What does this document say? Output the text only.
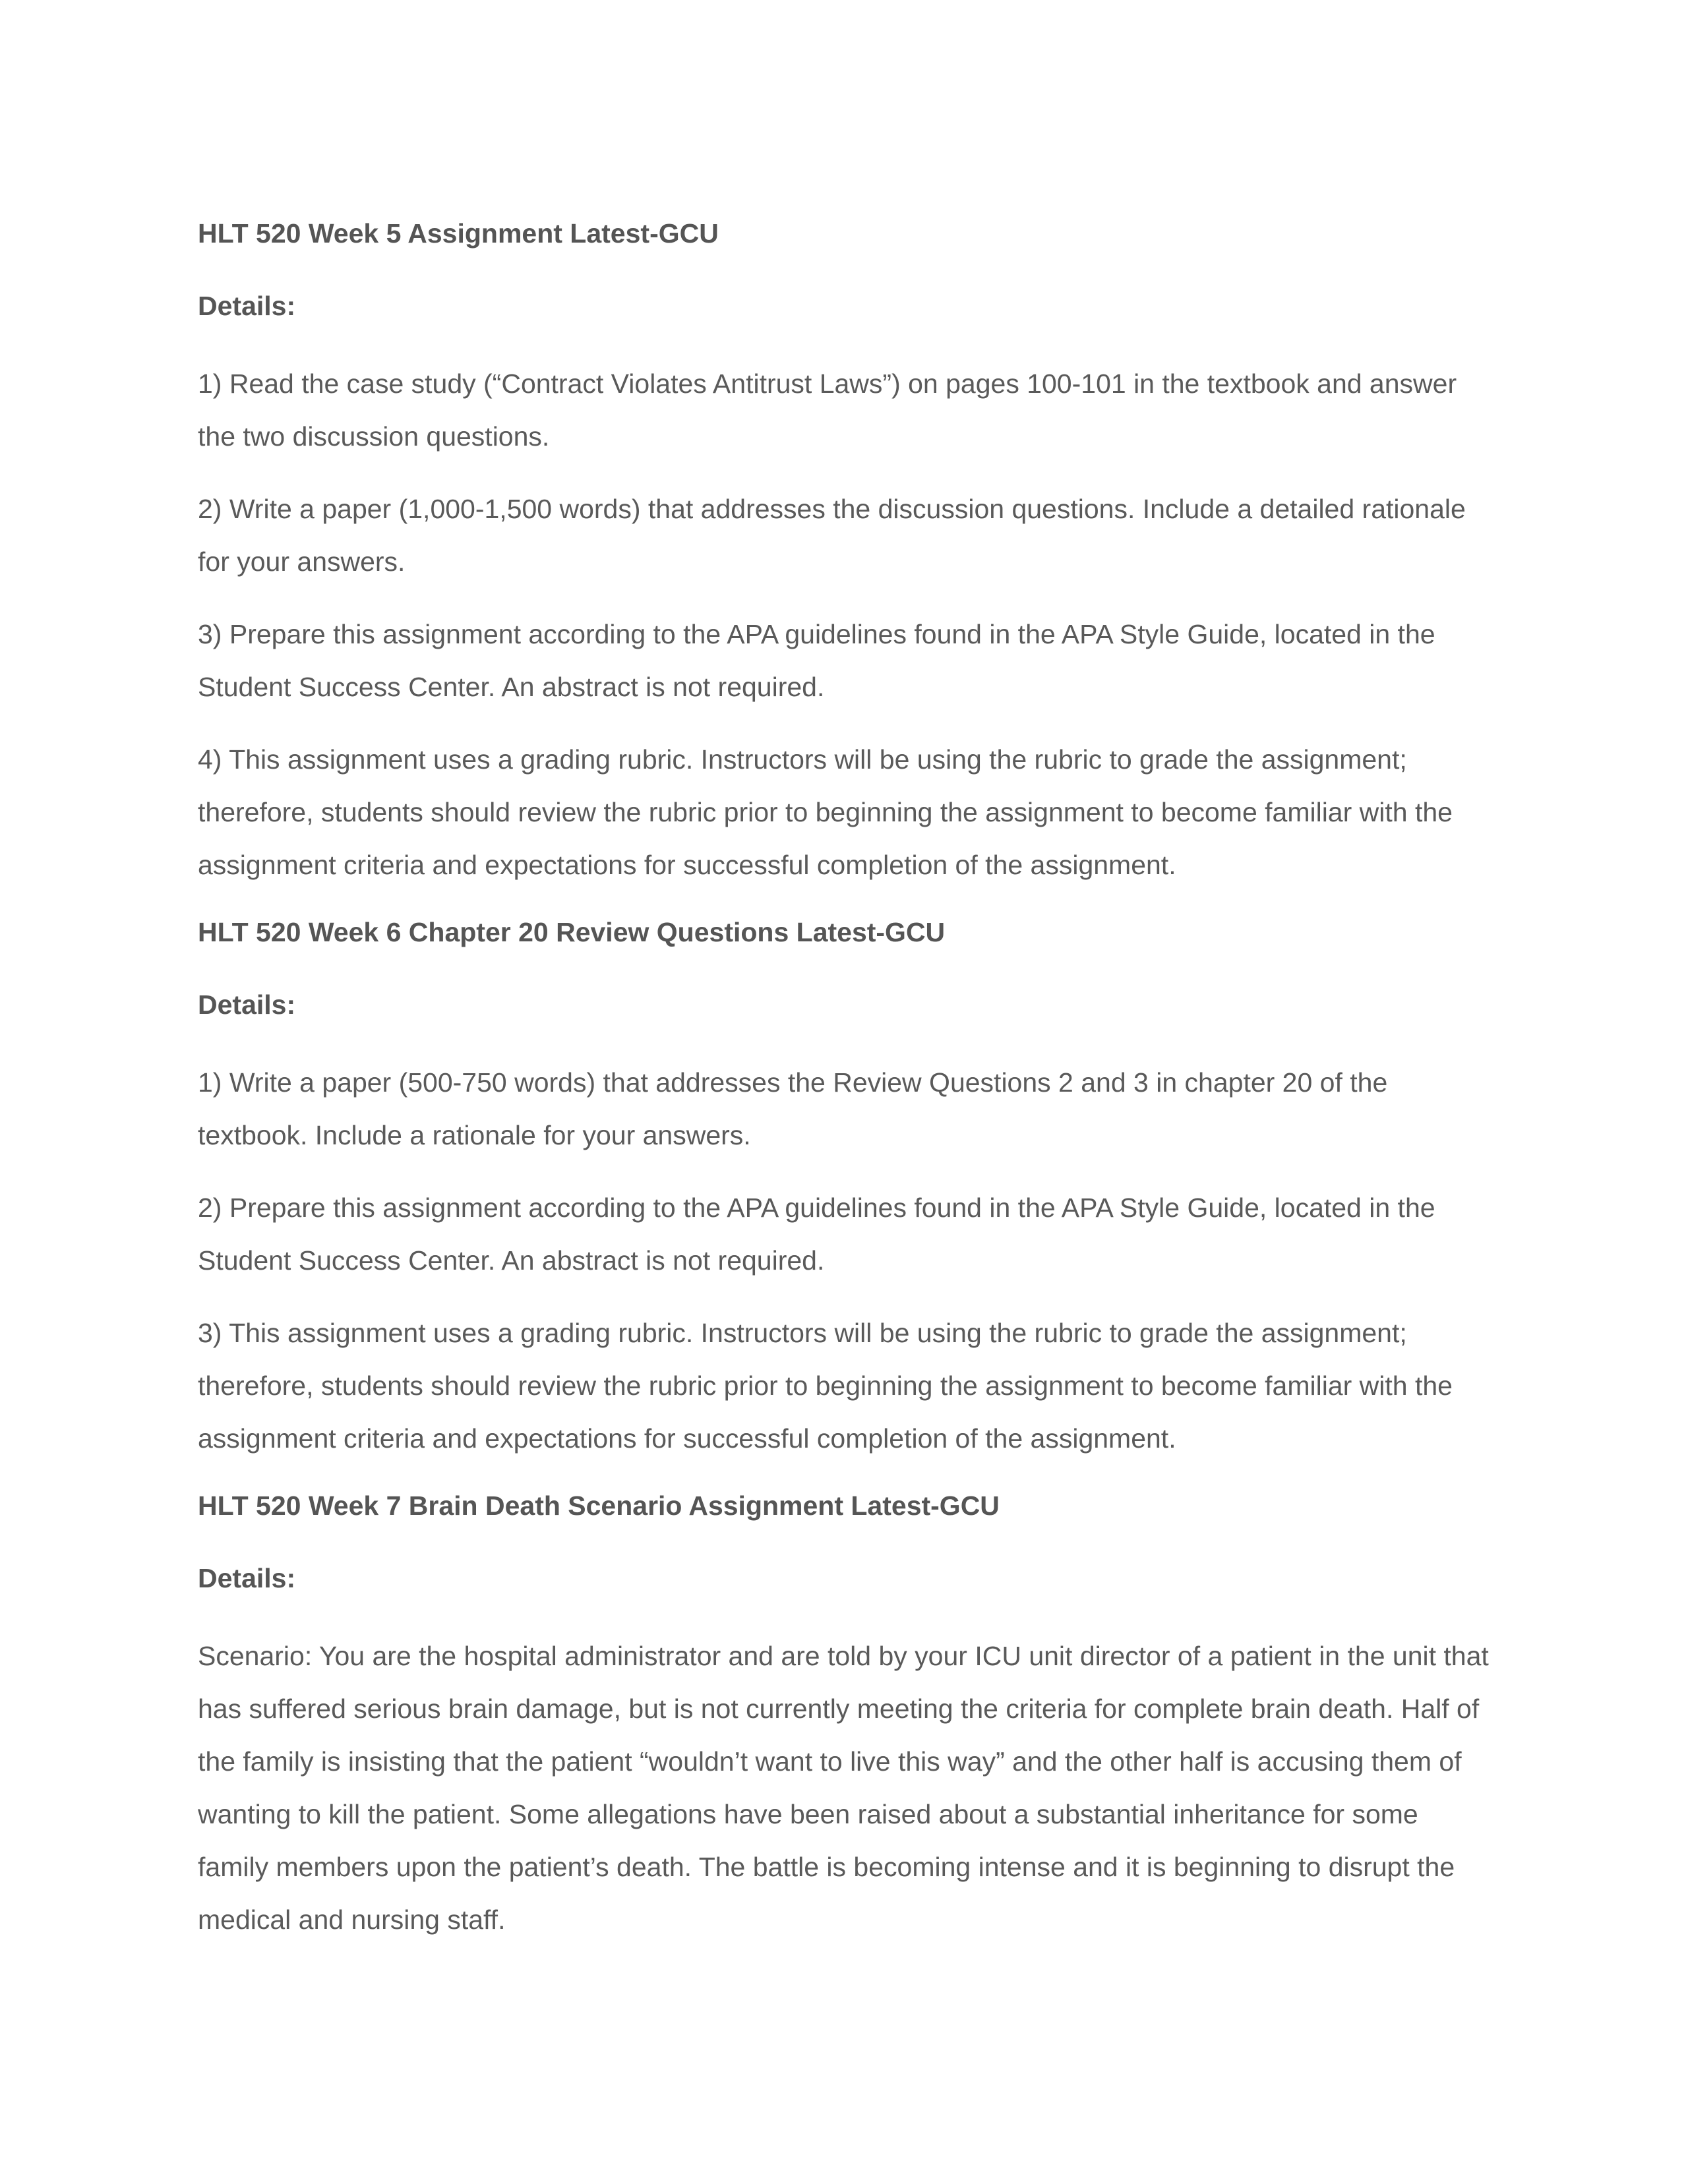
HLT 520 Week 5 Assignment Latest-GCU
Details:

1) Read the case study (“Contract Violates Antitrust Laws”) on pages 100-101 in the textbook and answer the two discussion questions.

2) Write a paper (1,000-1,500 words) that addresses the discussion questions. Include a detailed rationale for your answers.

3) Prepare this assignment according to the APA guidelines found in the APA Style Guide, located in the Student Success Center. An abstract is not required.

4) This assignment uses a grading rubric. Instructors will be using the rubric to grade the assignment; therefore, students should review the rubric prior to beginning the assignment to become familiar with the assignment criteria and expectations for successful completion of the assignment.

HLT 520 Week 6 Chapter 20 Review Questions Latest-GCU
Details:

1) Write a paper (500-750 words) that addresses the Review Questions 2 and 3 in chapter 20 of the textbook. Include a rationale for your answers.

2) Prepare this assignment according to the APA guidelines found in the APA Style Guide, located in the Student Success Center. An abstract is not required.

3) This assignment uses a grading rubric. Instructors will be using the rubric to grade the assignment; therefore, students should review the rubric prior to beginning the assignment to become familiar with the assignment criteria and expectations for successful completion of the assignment.

HLT 520 Week 7 Brain Death Scenario Assignment Latest-GCU
Details:

Scenario: You are the hospital administrator and are told by your ICU unit director of a patient in the unit that has suffered serious brain damage, but is not currently meeting the criteria for complete brain death. Half of the family is insisting that the patient “wouldn’t want to live this way” and the other half is accusing them of wanting to kill the patient. Some allegations have been raised about a substantial inheritance for some family members upon the patient’s death. The battle is becoming intense and it is beginning to disrupt the medical and nursing staff.
